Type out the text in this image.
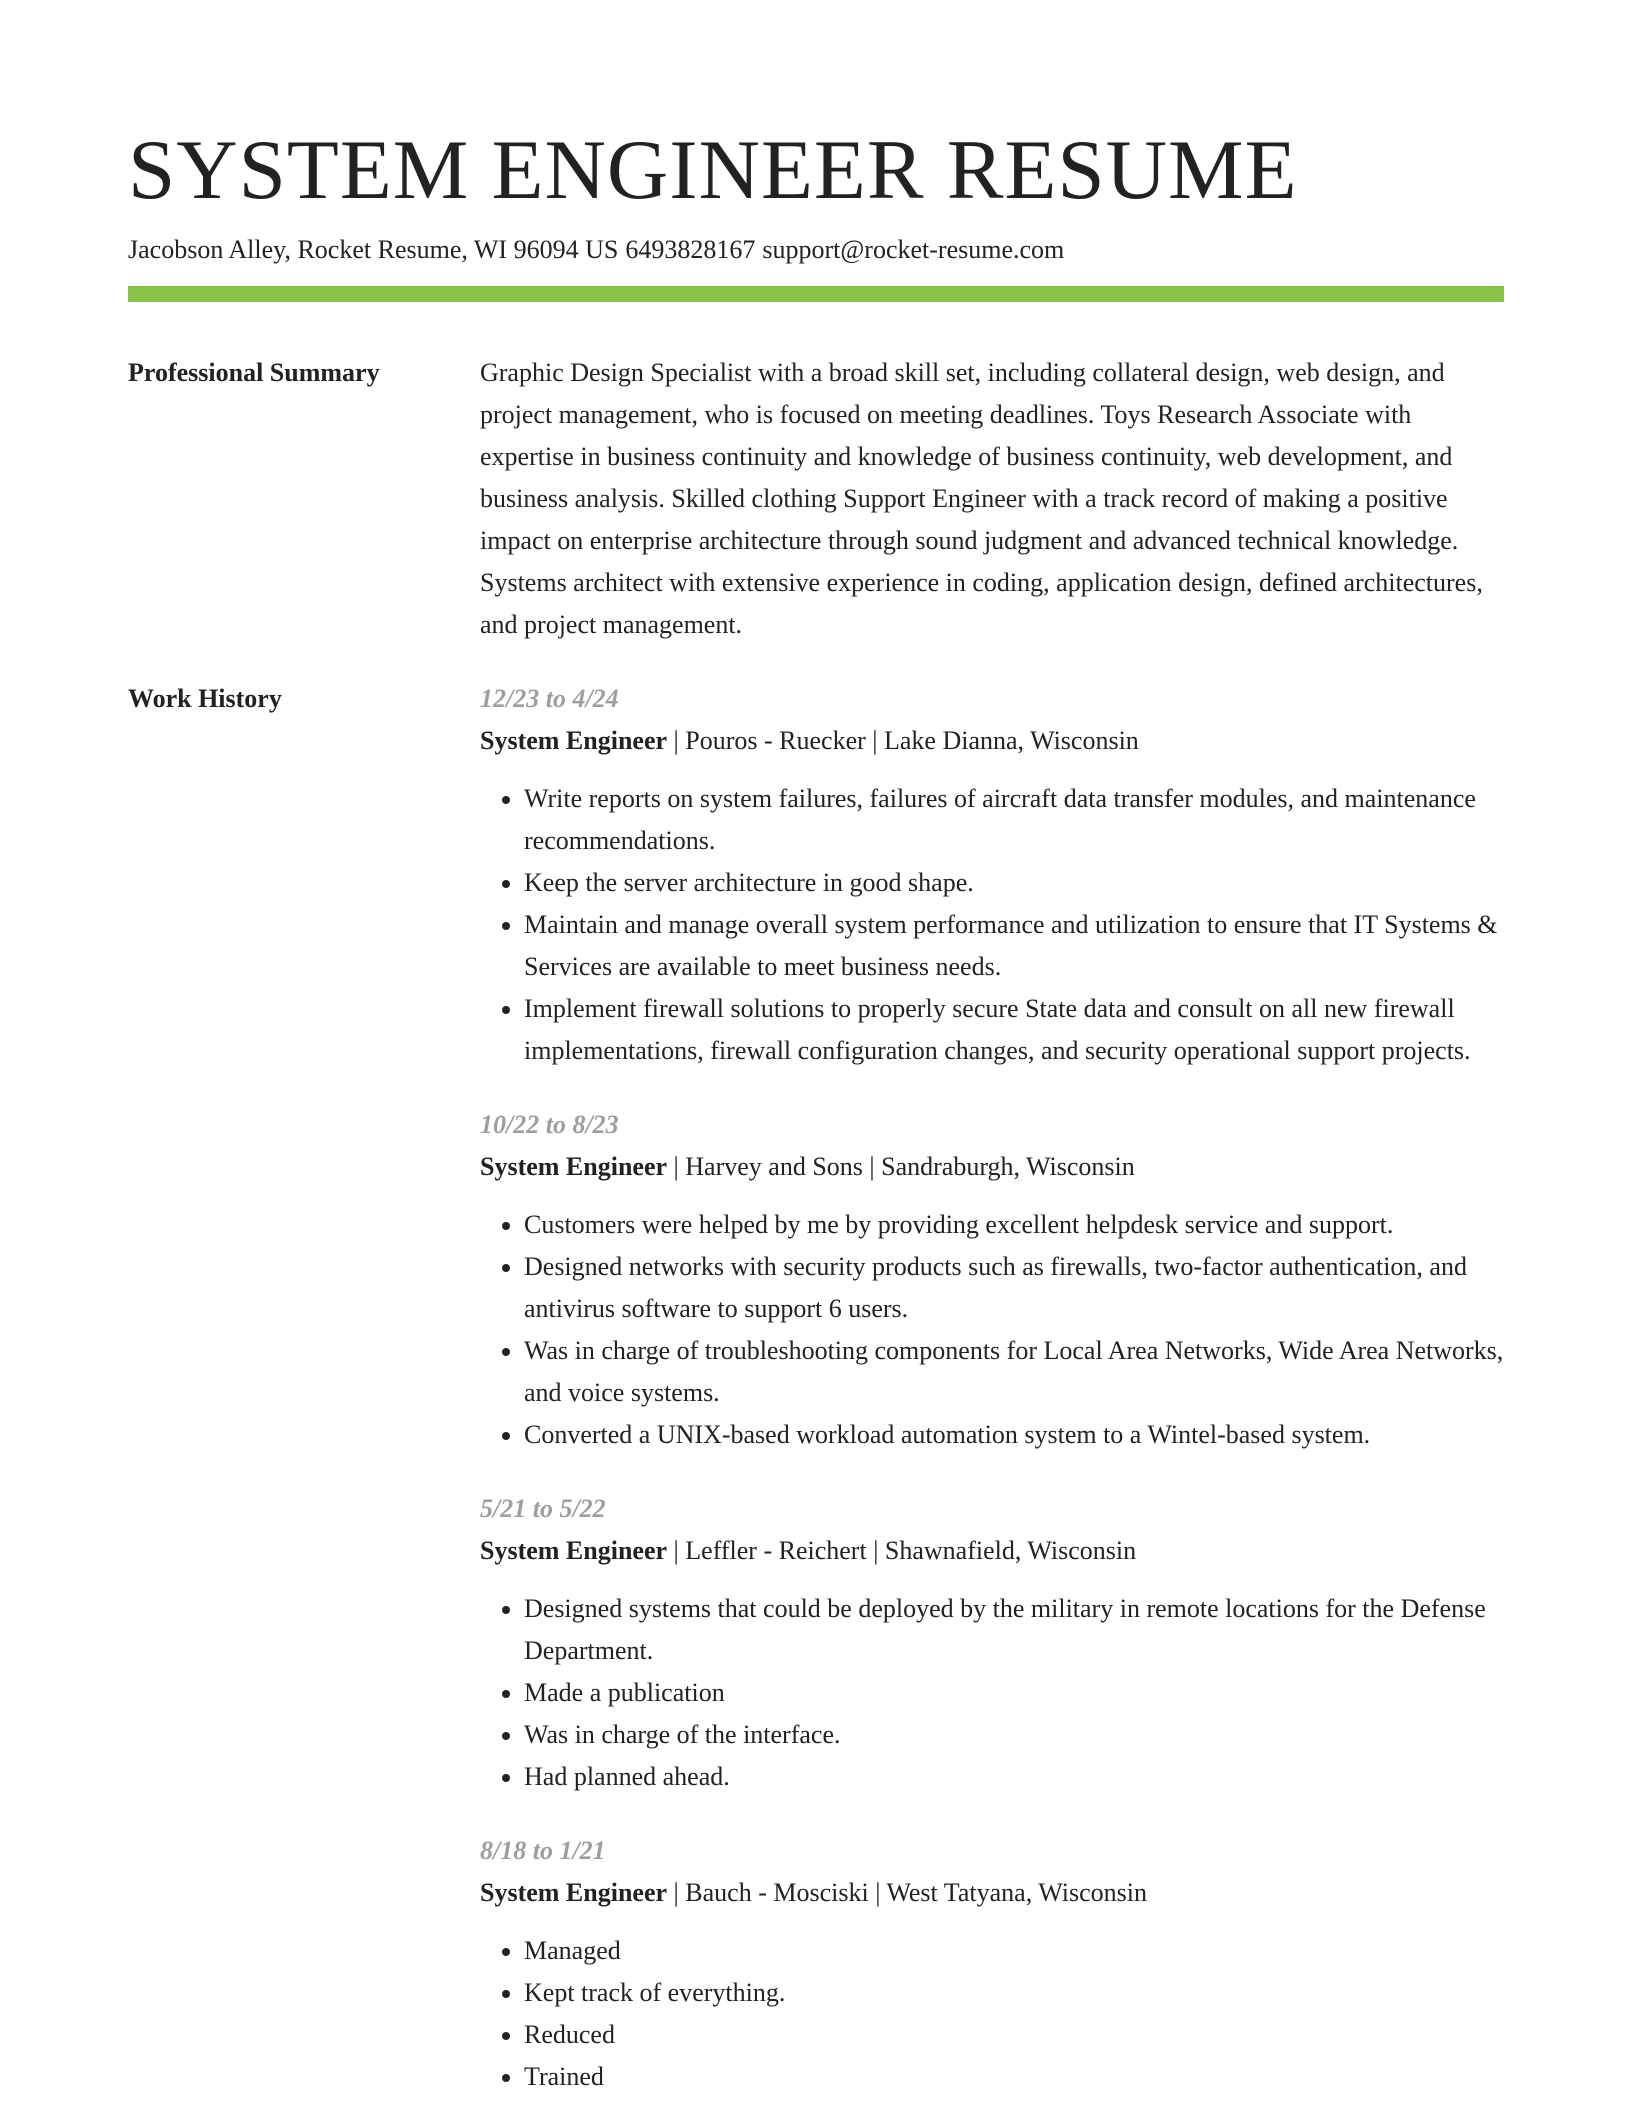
SYSTEM ENGINEER RESUME
Jacobson Alley, Rocket Resume, WI 96094 US 6493828167 support@rocket-resume.com
Professional Summary	Graphic Design Specialist with a broad skill set, including collateral design, web design, and project management, who is focused on meeting deadlines. Toys Research Associate with expertise in business continuity and knowledge of business continuity, web development, and business analysis. Skilled clothing Support Engineer with a track record of making a positive impact on enterprise architecture through sound judgment and advanced technical knowledge. Systems architect with extensive experience in coding, application design, defined architectures, and project management.
Work History	12/23 to 4/24
System Engineer | Pouros - Ruecker | Lake Dianna, Wisconsin
• Write reports on system failures, failures of aircraft data transfer modules, and maintenance recommendations.
• Keep the server architecture in good shape.
• Maintain and manage overall system performance and utilization to ensure that IT Systems & Services are available to meet business needs.
• Implement firewall solutions to properly secure State data and consult on all new firewall implementations, firewall configuration changes, and security operational support projects.
10/22 to 8/23
System Engineer | Harvey and Sons | Sandraburgh, Wisconsin
• Customers were helped by me by providing excellent helpdesk service and support.
• Designed networks with security products such as firewalls, two-factor authentication, and antivirus software to support 6 users.
• Was in charge of troubleshooting components for Local Area Networks, Wide Area Networks, and voice systems.
• Converted a UNIX-based workload automation system to a Wintel-based system.
5/21 to 5/22
System Engineer | Leffler - Reichert | Shawnafield, Wisconsin
• Designed systems that could be deployed by the military in remote locations for the Defense Department.
• Made a publication
• Was in charge of the interface.
• Had planned ahead.
8/18 to 1/21
System Engineer | Bauch - Mosciski | West Tatyana, Wisconsin
• Managed
• Kept track of everything.
• Reduced
• Trained
